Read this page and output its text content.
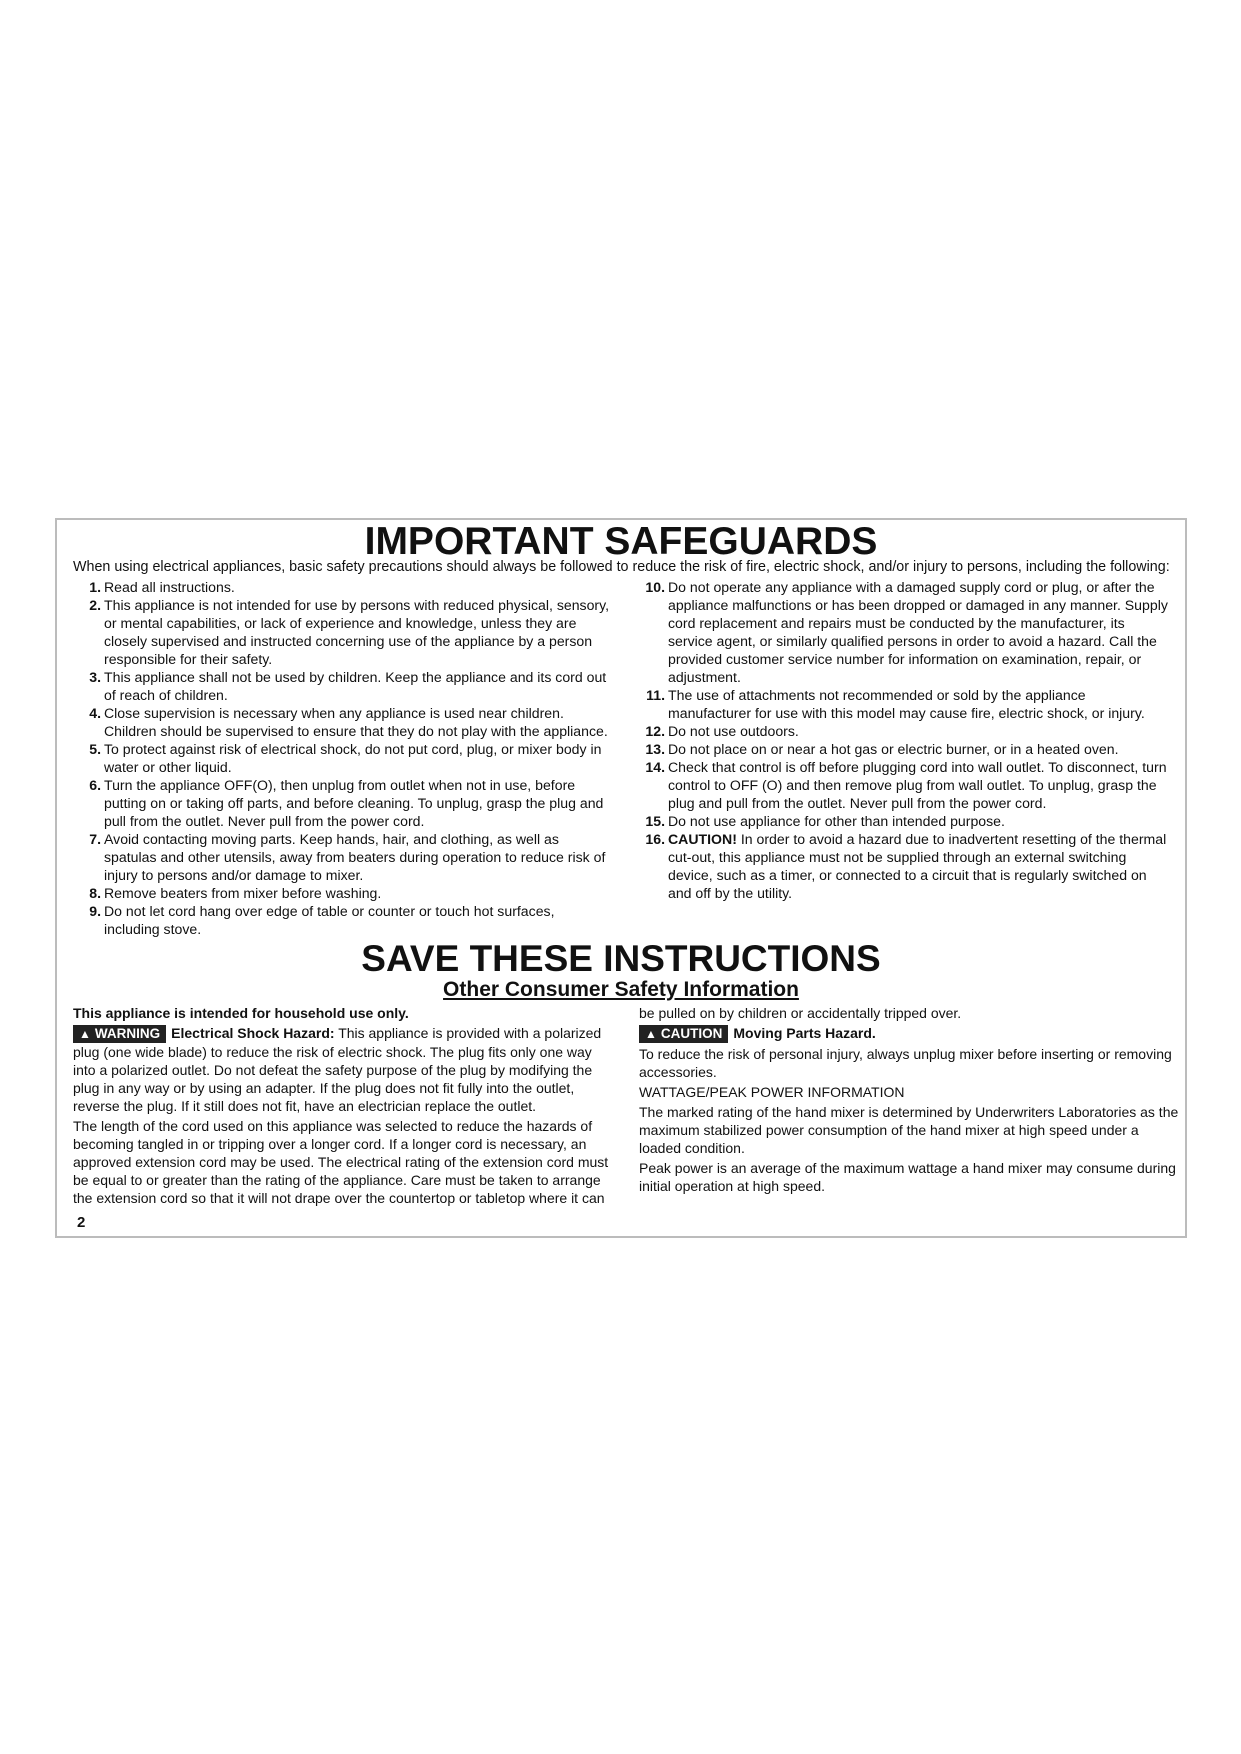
IMPORTANT SAFEGUARDS
When using electrical appliances, basic safety precautions should always be followed to reduce the risk of fire, electric shock, and/or injury to persons, including the following:
1. Read all instructions.
2. This appliance is not intended for use by persons with reduced physical, sensory, or mental capabilities, or lack of experience and knowledge, unless they are closely supervised and instructed concerning use of the appliance by a person responsible for their safety.
3. This appliance shall not be used by children. Keep the appliance and its cord out of reach of children.
4. Close supervision is necessary when any appliance is used near children. Children should be supervised to ensure that they do not play with the appliance.
5. To protect against risk of electrical shock, do not put cord, plug, or mixer body in water or other liquid.
6. Turn the appliance OFF(O), then unplug from outlet when not in use, before putting on or taking off parts, and before cleaning. To unplug, grasp the plug and pull from the outlet. Never pull from the power cord.
7. Avoid contacting moving parts. Keep hands, hair, and clothing, as well as spatulas and other utensils, away from beaters during operation to reduce risk of injury to persons and/or damage to mixer.
8. Remove beaters from mixer before washing.
9. Do not let cord hang over edge of table or counter or touch hot surfaces, including stove.
10. Do not operate any appliance with a damaged supply cord or plug, or after the appliance malfunctions or has been dropped or damaged in any manner. Supply cord replacement and repairs must be conducted by the manufacturer, its service agent, or similarly qualified persons in order to avoid a hazard. Call the provided customer service number for information on examination, repair, or adjustment.
11. The use of attachments not recommended or sold by the appliance manufacturer for use with this model may cause fire, electric shock, or injury.
12. Do not use outdoors.
13. Do not place on or near a hot gas or electric burner, or in a heated oven.
14. Check that control is off before plugging cord into wall outlet. To disconnect, turn control to OFF (O) and then remove plug from wall outlet. To unplug, grasp the plug and pull from the outlet. Never pull from the power cord.
15. Do not use appliance for other than intended purpose.
16. CAUTION! In order to avoid a hazard due to inadvertent resetting of the thermal cut-out, this appliance must not be supplied through an external switching device, such as a timer, or connected to a circuit that is regularly switched on and off by the utility.
SAVE THESE INSTRUCTIONS
Other Consumer Safety Information

This appliance is intended for household use only.

▲ WARNING Electrical Shock Hazard: This appliance is provided with a polarized plug (one wide blade) to reduce the risk of electric shock. The plug fits only one way into a polarized outlet. Do not defeat the safety purpose of the plug by modifying the plug in any way or by using an adapter. If the plug does not fit fully into the outlet, reverse the plug. If it still does not fit, have an electrician replace the outlet.

The length of the cord used on this appliance was selected to reduce the hazards of becoming tangled in or tripping over a longer cord. If a longer cord is necessary, an approved extension cord may be used. The electrical rating of the extension cord must be equal to or greater than the rating of the appliance. Care must be taken to arrange the extension cord so that it will not drape over the countertop or tabletop where it can

be pulled on by children or accidentally tripped over.

▲ CAUTION Moving Parts Hazard.

To reduce the risk of personal injury, always unplug mixer before inserting or removing accessories.

WATTAGE/PEAK POWER INFORMATION

The marked rating of the hand mixer is determined by Underwriters Laboratories as the maximum stabilized power consumption of the hand mixer at high speed under a loaded condition.

Peak power is an average of the maximum wattage a hand mixer may consume during initial operation at high speed.

2
